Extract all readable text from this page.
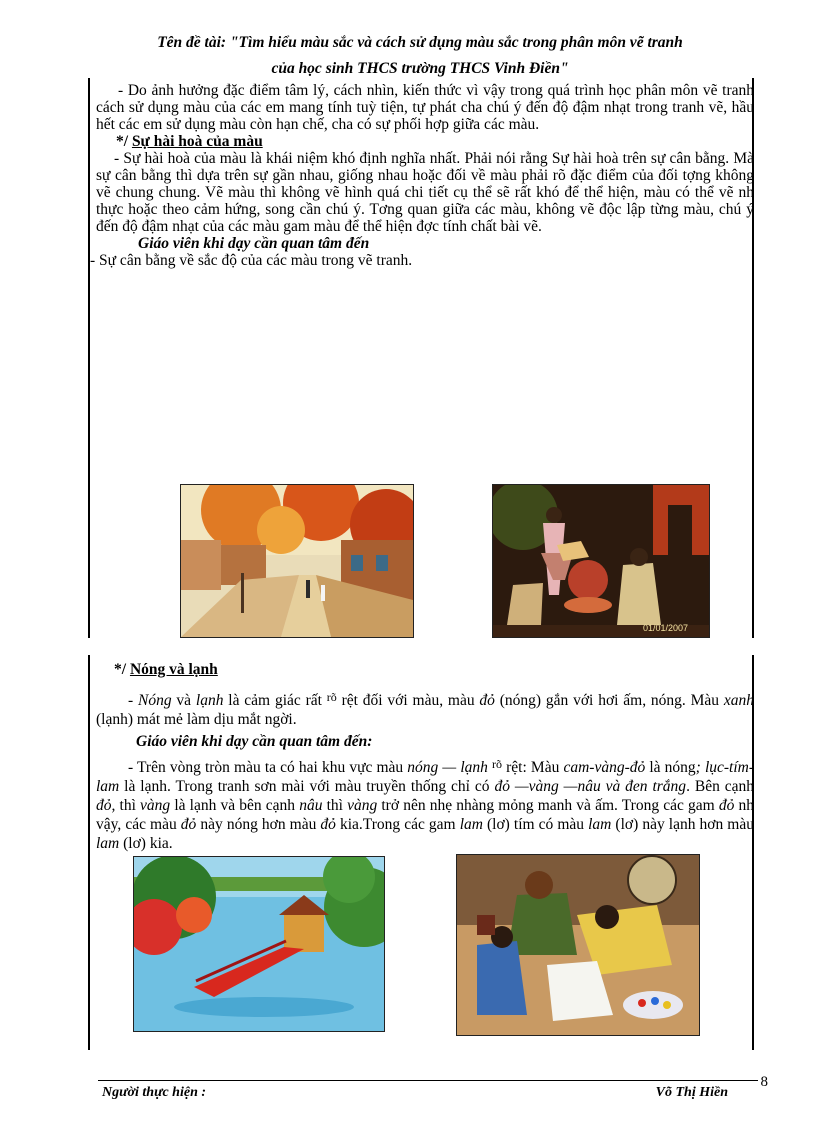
Tên đề tài: "Tìm hiểu màu sắc và cách sử dụng màu sắc trong phân môn vẽ tranh
của học sinh THCS trường THCS Vinh Điền"

- Do ảnh hưởng đặc điểm tâm lý, cách nhìn, kiến thức vì vậy trong quá trình học phân môn vẽ tranh cách sử dụng màu của các em mang tính tuỳ tiện, tự phát cha chú ý đến độ đậm nhạt trong tranh vẽ, hầu hết các em sử dụng màu còn hạn chế, cha có sự phối hợp giữa các màu.

*/ Sự hài hoà của màu

- Sự hài hoà của màu là khái niệm khó định nghĩa nhất. Phải nói rằng Sự hài hoà trên sự cân bằng. Mà sự cân bằng thì dựa trên sự gần nhau, giống nhau hoặc đối về màu phải rõ đặc điểm của đối tợng không vẽ chung chung. Vẽ màu thì không vẽ hình quá chi tiết cụ thể sẽ rất khó để thể hiện, màu có thể vẽ nh thực hoặc theo cảm hứng, song cần chú ý. Tơng quan giữa các màu, không vẽ độc lập từng màu, chú ý đến độ đậm nhạt của các màu gam màu để thể hiện đợc tính chất bài vẽ.

Giáo viên khi dạy cần quan tâm đến

- Sự cân bằng về sắc độ của các màu trong vẽ tranh.

01/01/2007

*/ Nóng và lạnh

- Nóng và lạnh là cảm giác rất $^{rõ}$ rệt đối với màu, màu đỏ (nóng) gắn với hơi ấm, nóng. Màu xanh (lạnh) mát mẻ làm dịu mắt ngời.

Giáo viên khi dạy cần quan tâm đến:

- Trên vòng tròn màu ta có hai khu vực màu nóng — lạnh $^{rõ}$ rệt: Màu cam-vàng-đỏ là nóng; lục-tím-lam là lạnh. Trong tranh sơn mài với màu truyền thống chỉ có đỏ —vàng —nâu và đen trắng. Bên cạnh đỏ, thì vàng là lạnh và bên cạnh nâu thì vàng trở nên nhẹ nhàng mỏng manh và ấm. Trong các gam đỏ nh vậy, các màu đỏ này nóng hơn màu đỏ kia.Trong các gam lam (lơ) tím có màu lam (lơ) này lạnh hơn màu lam (lơ) kia.

Người thực hiện :	Võ Thị Hiền
8
